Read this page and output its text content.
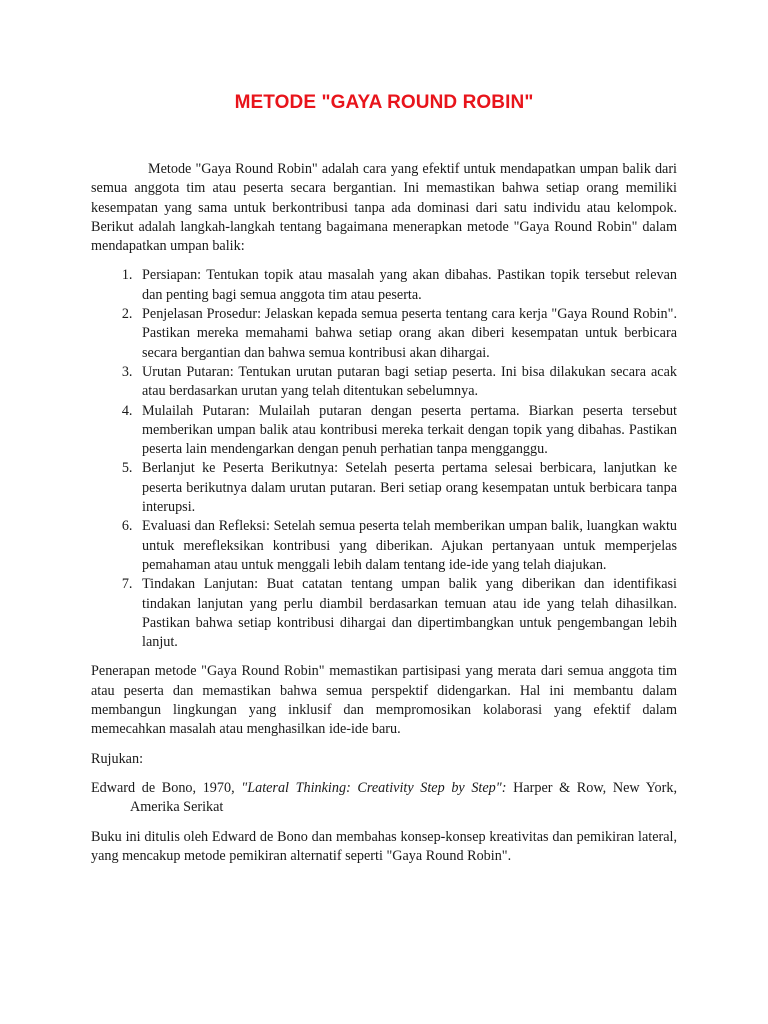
METODE "GAYA ROUND ROBIN"

Metode "Gaya Round Robin" adalah cara yang efektif untuk mendapatkan umpan balik dari semua anggota tim atau peserta secara bergantian. Ini memastikan bahwa setiap orang memiliki kesempatan yang sama untuk berkontribusi tanpa ada dominasi dari satu individu atau kelompok. Berikut adalah langkah-langkah tentang bagaimana menerapkan metode "Gaya Round Robin" dalam mendapatkan umpan balik:

1. Persiapan: Tentukan topik atau masalah yang akan dibahas. Pastikan topik tersebut relevan dan penting bagi semua anggota tim atau peserta.
2. Penjelasan Prosedur: Jelaskan kepada semua peserta tentang cara kerja "Gaya Round Robin". Pastikan mereka memahami bahwa setiap orang akan diberi kesempatan untuk berbicara secara bergantian dan bahwa semua kontribusi akan dihargai.
3. Urutan Putaran: Tentukan urutan putaran bagi setiap peserta. Ini bisa dilakukan secara acak atau berdasarkan urutan yang telah ditentukan sebelumnya.
4. Mulailah Putaran: Mulailah putaran dengan peserta pertama. Biarkan peserta tersebut memberikan umpan balik atau kontribusi mereka terkait dengan topik yang dibahas. Pastikan peserta lain mendengarkan dengan penuh perhatian tanpa mengganggu.
5. Berlanjut ke Peserta Berikutnya: Setelah peserta pertama selesai berbicara, lanjutkan ke peserta berikutnya dalam urutan putaran. Beri setiap orang kesempatan untuk berbicara tanpa interupsi.
6. Evaluasi dan Refleksi: Setelah semua peserta telah memberikan umpan balik, luangkan waktu untuk merefleksikan kontribusi yang diberikan. Ajukan pertanyaan untuk memperjelas pemahaman atau untuk menggali lebih dalam tentang ide-ide yang telah diajukan.
7. Tindakan Lanjutan: Buat catatan tentang umpan balik yang diberikan dan identifikasi tindakan lanjutan yang perlu diambil berdasarkan temuan atau ide yang telah dihasilkan. Pastikan bahwa setiap kontribusi dihargai dan dipertimbangkan untuk pengembangan lebih lanjut.

Penerapan metode "Gaya Round Robin" memastikan partisipasi yang merata dari semua anggota tim atau peserta dan memastikan bahwa semua perspektif didengarkan. Hal ini membantu dalam membangun lingkungan yang inklusif dan mempromosikan kolaborasi yang efektif dalam memecahkan masalah atau menghasilkan ide-ide baru.

Rujukan:

Edward de Bono, 1970, "Lateral Thinking: Creativity Step by Step": Harper & Row, New York, Amerika Serikat

Buku ini ditulis oleh Edward de Bono dan membahas konsep-konsep kreativitas dan pemikiran lateral, yang mencakup metode pemikiran alternatif seperti "Gaya Round Robin".
